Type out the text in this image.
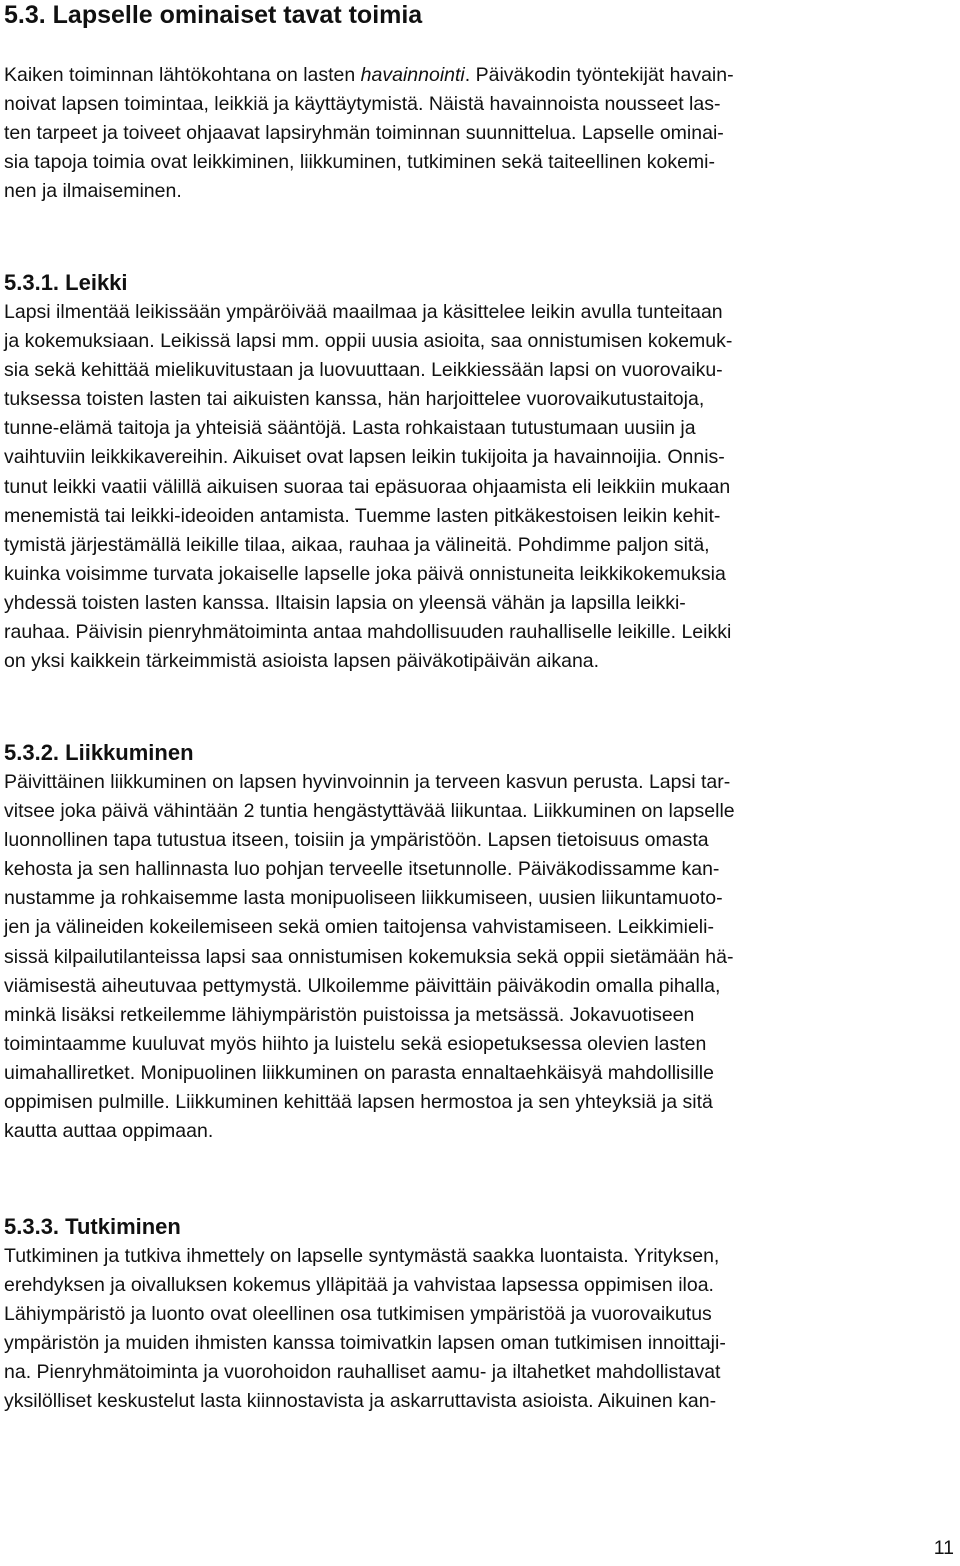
5.3. Lapselle ominaiset tavat toimia
Kaiken toiminnan lähtökohtana on lasten havainnointi. Päiväkodin työntekijät havain-
noivat lapsen toimintaa, leikkiä ja käyttäytymistä. Näistä havainnoista nousseet las-
ten tarpeet ja toiveet ohjaavat lapsiryhmän toiminnan suunnittelua. Lapselle ominai-
sia tapoja toimia ovat leikkiminen, liikkuminen, tutkiminen sekä taiteellinen kokemi-
nen ja ilmaiseminen.
5.3.1. Leikki
Lapsi ilmentää leikissään ympäröivää maailmaa ja käsittelee leikin avulla tunteitaan
ja kokemuksiaan. Leikissä lapsi mm. oppii uusia asioita, saa onnistumisen kokemuk-
sia sekä kehittää mielikuvitustaan ja luovuuttaan. Leikkiessään lapsi on vuorovaiku-
tuksessa toisten lasten tai aikuisten kanssa, hän harjoittelee vuorovaikutustaitoja,
tunne-elämä taitoja ja yhteisiä sääntöjä. Lasta rohkaistaan tutustumaan uusiin ja
vaihtuviin leikkikavereihin. Aikuiset ovat lapsen leikin tukijoita ja havainnoijia. Onnis-
tunut leikki vaatii välillä aikuisen suoraa tai epäsuoraa ohjaamista eli leikkiin mukaan
menemistä tai leikki-ideoiden antamista. Tuemme lasten pitkäkestoisen leikin kehit-
tymistä järjestämällä leikille tilaa, aikaa, rauhaa ja välineitä. Pohdimme paljon sitä,
kuinka voisimme turvata jokaiselle lapselle joka päivä onnistuneita leikkikokemuksia
yhdessä toisten lasten kanssa. Iltaisin lapsia on yleensä vähän ja lapsilla leikki-
rauhaa. Päivisin pienryhmätoiminta antaa mahdollisuuden rauhalliselle leikille. Leikki
on yksi kaikkein tärkeimmistä asioista lapsen päiväkotipäivän aikana.
5.3.2. Liikkuminen
Päivittäinen liikkuminen on lapsen hyvinvoinnin ja terveen kasvun perusta. Lapsi tar-
vitsee joka päivä vähintään 2 tuntia hengästyttävää liikuntaa. Liikkuminen on lapselle
luonnollinen tapa tutustua itseen, toisiin ja ympäristöön. Lapsen tietoisuus omasta
kehosta ja sen hallinnasta luo pohjan terveelle itsetunnolle. Päiväkodissamme kan-
nustamme ja rohkaisemme lasta monipuoliseen liikkumiseen, uusien liikuntamuoto-
jen ja välineiden kokeilemiseen sekä omien taitojensa vahvistamiseen. Leikkimieli-
sissä kilpailutilanteissa lapsi saa onnistumisen kokemuksia sekä oppii sietämään hä-
viämisestä aiheutuvaa pettymystä. Ulkoilemme päivittäin päiväkodin omalla pihalla,
minkä lisäksi retkeilemme lähiympäristön puistoissa ja metsässä. Jokavuotiseen
toimintaamme kuuluvat myös hiihto ja luistelu sekä esiopetuksessa olevien lasten
uimahalliretket. Monipuolinen liikkuminen on parasta ennaltaehkäisyä mahdollisille
oppimisen pulmille. Liikkuminen kehittää lapsen hermostoa ja sen yhteyksiä ja sitä
kautta auttaa oppimaan.
5.3.3. Tutkiminen
Tutkiminen ja tutkiva ihmettely on lapselle syntymästä saakka luontaista. Yrityksen,
erehdyksen ja oivalluksen kokemus ylläpitää ja vahvistaa lapsessa oppimisen iloa.
Lähiympäristö ja luonto ovat oleellinen osa tutkimisen ympäristöä ja vuorovaikutus
ympäristön ja muiden ihmisten kanssa toimivatkin lapsen oman tutkimisen innoittaji-
na. Pienryhmätoiminta ja vuorohoidon rauhalliset aamu- ja iltahetket mahdollistavat
yksilölliset keskustelut lasta kiinnostavista ja askarruttavista asioista. Aikuinen kan-
11
